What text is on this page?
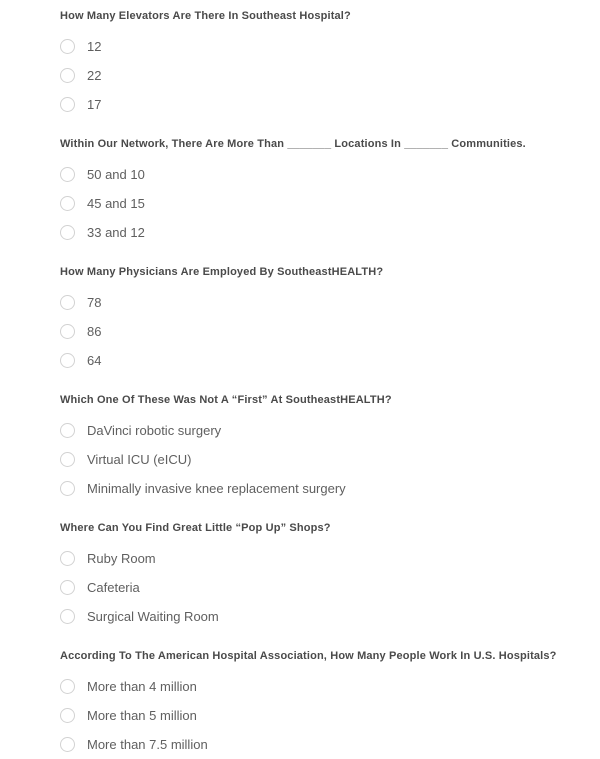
How Many Elevators Are There In Southeast Hospital?
12
22
17
Within Our Network, There Are More Than _______ Locations In _______ Communities.
50 and 10
45 and 15
33 and 12
How Many Physicians Are Employed By SoutheastHEALTH?
78
86
64
Which One Of These Was Not A “First” At SoutheastHEALTH?
DaVinci robotic surgery
Virtual ICU (eICU)
Minimally invasive knee replacement surgery
Where Can You Find Great Little “Pop Up” Shops?
Ruby Room
Cafeteria
Surgical Waiting Room
According To The American Hospital Association, How Many People Work In U.S. Hospitals?
More than 4 million
More than 5 million
More than 7.5 million
